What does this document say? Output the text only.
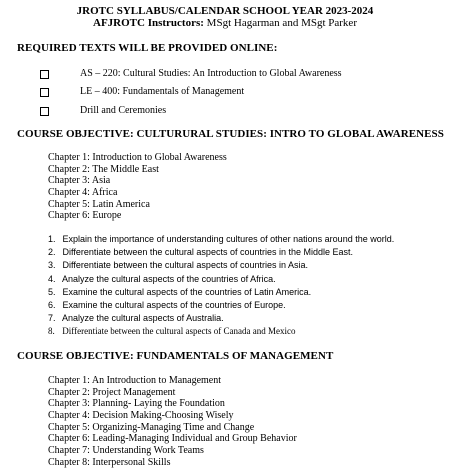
JROTC SYLLABUS/CALENDAR SCHOOL YEAR 2023-2024
AFJROTC Instructors: MSgt Hagarman and MSgt Parker
REQUIRED TEXTS WILL BE PROVIDED ONLINE:
AS – 220: Cultural Studies: An Introduction to Global Awareness
LE – 400: Fundamentals of Management
Drill and Ceremonies
COURSE OBJECTIVE: CULTURURAL STUDIES: INTRO TO GLOBAL AWARENESS
Chapter 1: Introduction to Global Awareness
Chapter 2: The Middle East
Chapter 3: Asia
Chapter 4: Africa
Chapter 5: Latin America
Chapter 6: Europe
1. Explain the importance of understanding cultures of other nations around the world.
2. Differentiate between the cultural aspects of countries in the Middle East.
3. Differentiate between the cultural aspects of countries in Asia.
4. Analyze the cultural aspects of the countries of Africa.
5. Examine the cultural aspects of the countries of Latin America.
6. Examine the cultural aspects of the countries of Europe.
7. Analyze the cultural aspects of Australia.
8. Differentiate between the cultural aspects of Canada and Mexico
COURSE OBJECTIVE: FUNDAMENTALS OF MANAGEMENT
Chapter 1: An Introduction to Management
Chapter 2: Project Management
Chapter 3: Planning- Laying the Foundation
Chapter 4: Decision Making-Choosing Wisely
Chapter 5: Organizing-Managing Time and Change
Chapter 6: Leading-Managing Individual and Group Behavior
Chapter 7: Understanding Work Teams
Chapter 8: Interpersonal Skills
